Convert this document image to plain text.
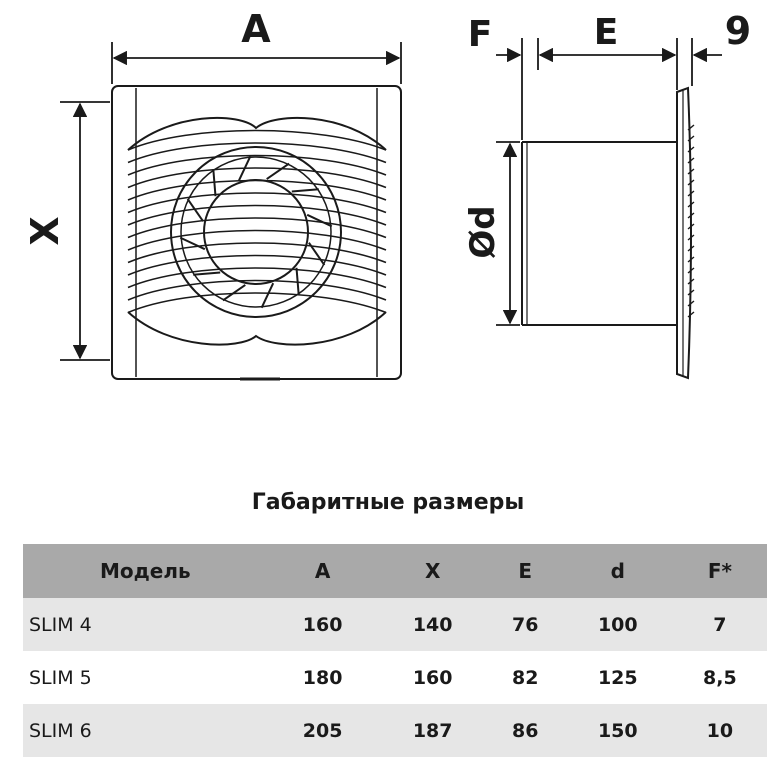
A
X
F	E	9
Ød
Габаритные размеры
Модель	A	X	E	d	F*
SLIM 4	160	140	76	100	7
SLIM 5	180	160	82	125	8,5
SLIM 6	205	187	86	150	10
